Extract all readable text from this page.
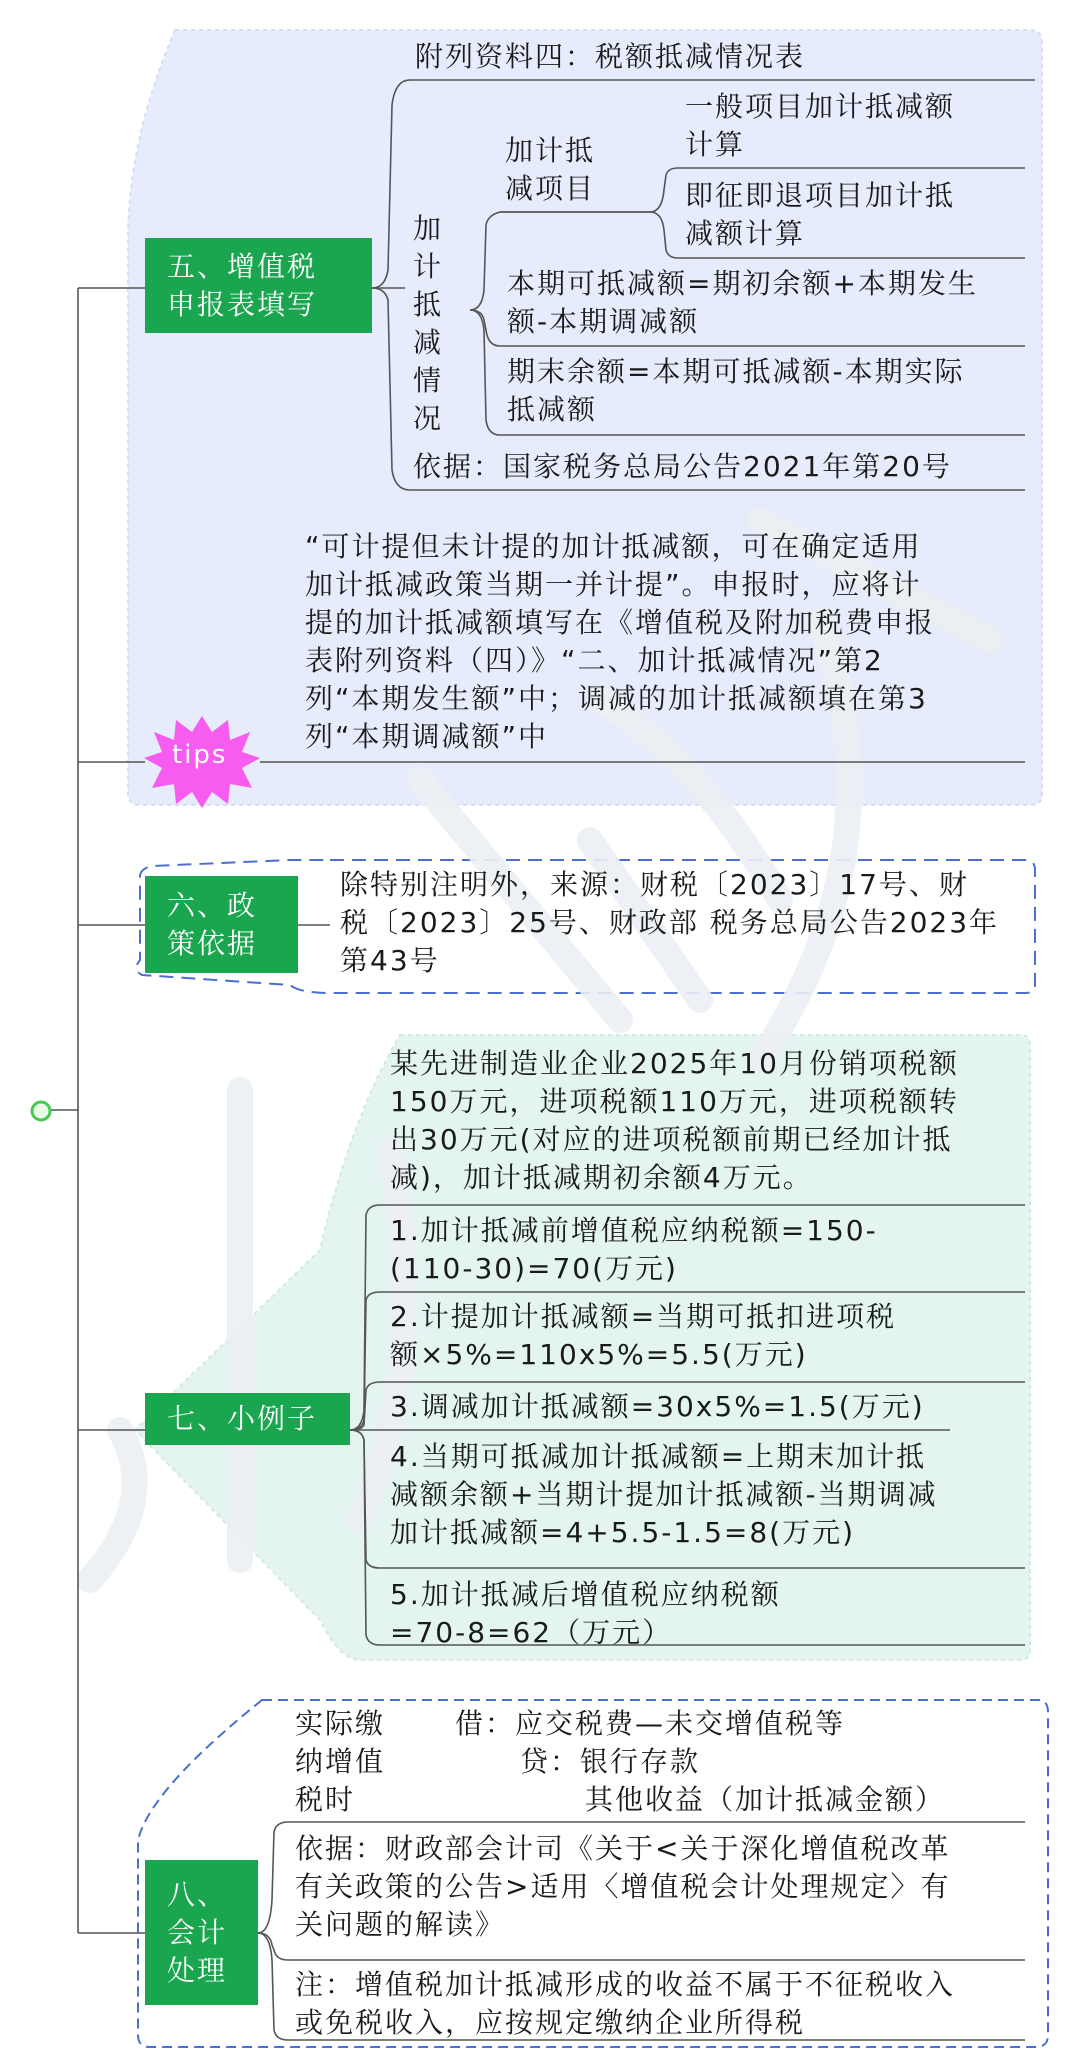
五、增值税
申报表填写
附列资料四：税额抵减情况表
加
计
抵
减
情
况
加计抵
减项目
一般项目加计抵减额
计算
即征即退项目加计抵
减额计算
本期可抵减额=期初余额+本期发生
额-本期调减额
期末余额=本期可抵减额-本期实际
抵减额
依据：国家税务总局公告2021年第20号
tips
“可计提但未计提的加计抵减额，可在确定适用
加计抵减政策当期一并计提”。申报时，应将计
提的加计抵减额填写在《增值税及附加税费申报
表附列资料（四）》“二、加计抵减情况”第2
列“本期发生额”中；调减的加计抵减额填在第3
列“本期调减额”中
六、政
策依据
除特别注明外，来源：财税〔2023〕17号、财
税〔2023〕25号、财政部 税务总局公告2023年
第43号
七、小例子
某先进制造业企业2025年10月份销项税额
150万元，进项税额110万元，进项税额转
出30万元(对应的进项税额前期已经加计抵
减)，加计抵减期初余额4万元。
1.加计抵减前增值税应纳税额=150-
(110-30)=70(万元)
2.计提加计抵减额=当期可抵扣进项税
额×5%=110x5%=5.5(万元)
3.调减加计抵减额=30x5%=1.5(万元)
4.当期可抵减加计抵减额=上期末加计抵
减额余额+当期计提加计抵减额-当期调减
加计抵减额=4+5.5-1.5=8(万元)
5.加计抵减后增值税应纳税额
=70-8=62（万元）
八、
会计
处理
实际缴
纳增值
税时
借：应交税费—未交增值税等
贷：银行存款
其他收益（加计抵减金额）
依据：财政部会计司《关于<关于深化增值税改革
有关政策的公告>适用〈增值税会计处理规定〉有
关问题的解读》
注：增值税加计抵减形成的收益不属于不征税收入
或免税收入，应按规定缴纳企业所得税
